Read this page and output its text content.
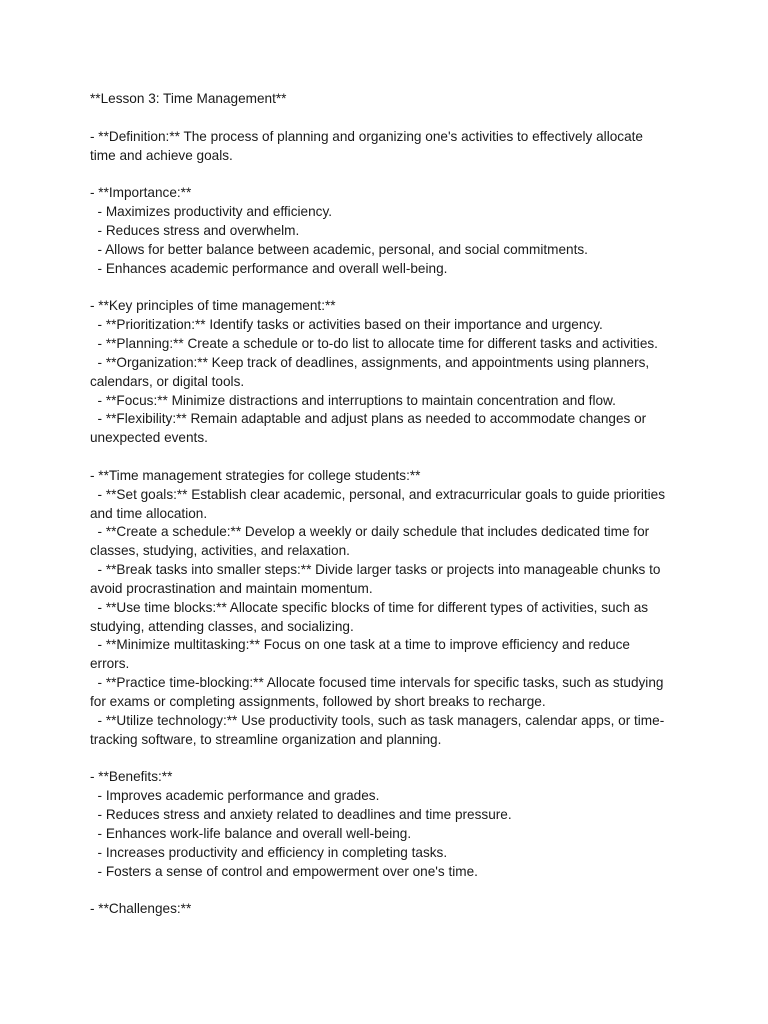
**Lesson 3: Time Management**
- **Definition:** The process of planning and organizing one's activities to effectively allocate
time and achieve goals.
- **Importance:**
- Maximizes productivity and efficiency.
- Reduces stress and overwhelm.
- Allows for better balance between academic, personal, and social commitments.
- Enhances academic performance and overall well-being.
- **Key principles of time management:**
- **Prioritization:** Identify tasks or activities based on their importance and urgency.
- **Planning:** Create a schedule or to-do list to allocate time for different tasks and activities.
- **Organization:** Keep track of deadlines, assignments, and appointments using planners,
calendars, or digital tools.
- **Focus:** Minimize distractions and interruptions to maintain concentration and flow.
- **Flexibility:** Remain adaptable and adjust plans as needed to accommodate changes or
unexpected events.
- **Time management strategies for college students:**
- **Set goals:** Establish clear academic, personal, and extracurricular goals to guide priorities
and time allocation.
- **Create a schedule:** Develop a weekly or daily schedule that includes dedicated time for
classes, studying, activities, and relaxation.
- **Break tasks into smaller steps:** Divide larger tasks or projects into manageable chunks to
avoid procrastination and maintain momentum.
- **Use time blocks:** Allocate specific blocks of time for different types of activities, such as
studying, attending classes, and socializing.
- **Minimize multitasking:** Focus on one task at a time to improve efficiency and reduce
errors.
- **Practice time-blocking:** Allocate focused time intervals for specific tasks, such as studying
for exams or completing assignments, followed by short breaks to recharge.
- **Utilize technology:** Use productivity tools, such as task managers, calendar apps, or time-
tracking software, to streamline organization and planning.
- **Benefits:**
- Improves academic performance and grades.
- Reduces stress and anxiety related to deadlines and time pressure.
- Enhances work-life balance and overall well-being.
- Increases productivity and efficiency in completing tasks.
- Fosters a sense of control and empowerment over one's time.
- **Challenges:**
